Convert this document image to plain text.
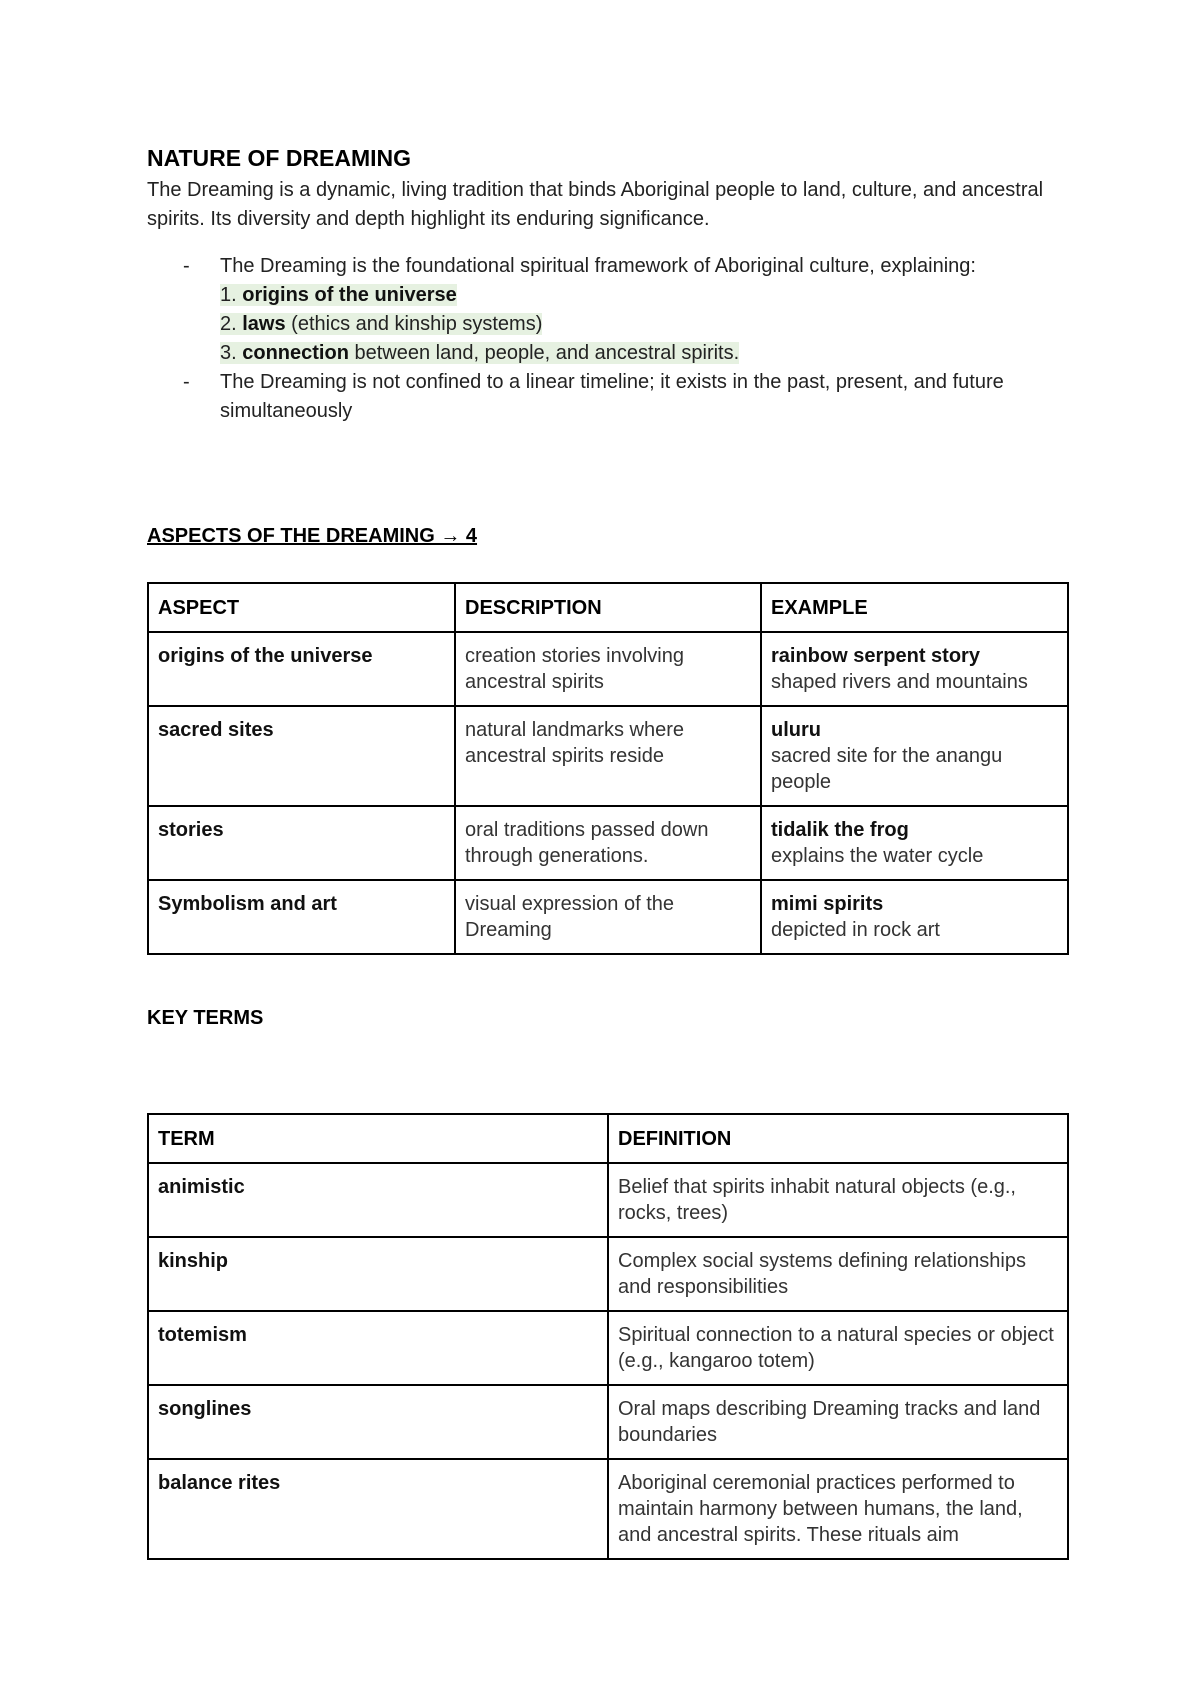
NATURE OF DREAMING

The Dreaming is a dynamic, living tradition that binds Aboriginal people to land, culture, and ancestral spirits. Its diversity and depth highlight its enduring significance.

- The Dreaming is the foundational spiritual framework of Aboriginal culture, explaining:
1. origins of the universe
2. laws (ethics and kinship systems)
3. connection between land, people, and ancestral spirits.
- The Dreaming is not confined to a linear timeline; it exists in the past, present, and future simultaneously
ASPECTS OF THE DREAMING → 4
ASPECT	DESCRIPTION	EXAMPLE
origins of the universe	creation stories involving ancestral spirits	rainbow serpent story
shaped rivers and mountains

sacred sites	natural landmarks where ancestral spirits reside	uluru
sacred site for the anangu people

stories	oral traditions passed down through generations.	tidalik the frog
explains the water cycle

Symbolism and art	visual expression of the Dreaming	mimi spirits
depicted in rock art
KEY TERMS
TERM	DEFINITION
animistic	Belief that spirits inhabit natural objects (e.g., rocks, trees)
kinship	Complex social systems defining relationships and responsibilities
totemism	Spiritual connection to a natural species or object (e.g., kangaroo totem)
songlines	Oral maps describing Dreaming tracks and land boundaries
balance rites	Aboriginal ceremonial practices performed to maintain harmony between humans, the land, and ancestral spirits. These rituals aim
